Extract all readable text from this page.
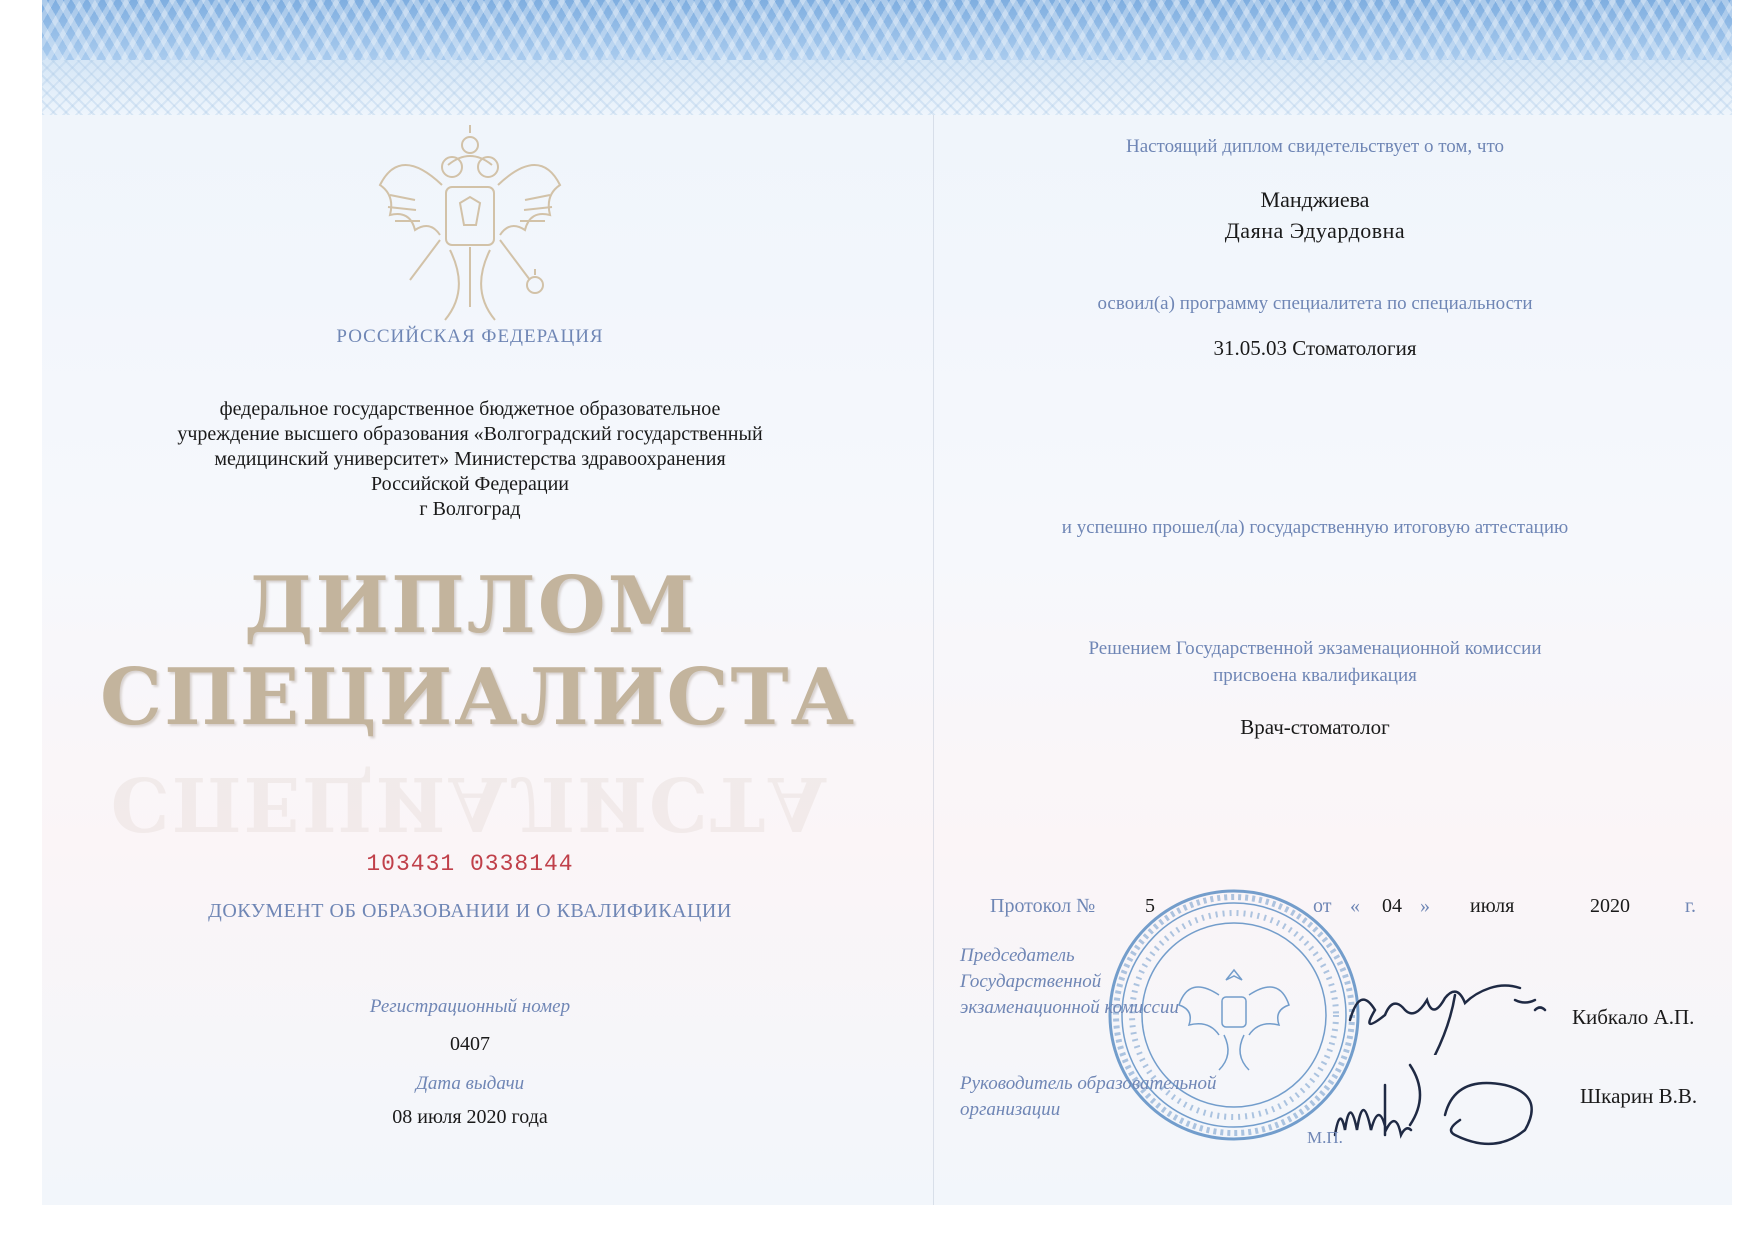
РОССИЙСКАЯ ФЕДЕРАЦИЯ
федеральное государственное бюджетное образовательное
учреждение высшего образования «Волгоградский государственный
медицинский университет» Министерства здравоохранения
Российской Федерации
г Волгоград
ДИПЛОМ
СПЕЦИАЛИСТА
СПЕЦИАЛИСТА
103431 0338144
ДОКУМЕНТ ОБ ОБРАЗОВАНИИ И О КВАЛИФИКАЦИИ
Регистрационный номер
0407
Дата выдачи
08 июля 2020 года
Настоящий диплом свидетельствует о том, что
Манджиева
Даяна Эдуардовна
освоил(а) программу специалитета по специальности
31.05.03 Стоматология
и успешно прошел(ла) государственную итоговую аттестацию
Решением Государственной экзаменационной комиссии
присвоена квалификация
Врач-стоматолог
Протокол № 5	от « 04 » июля	2020	г.
Председатель
Государственной
экзаменационной комиссии
Руководитель образовательной
организации
Кибкало А.П.
Шкарин В.В.
М.П.
